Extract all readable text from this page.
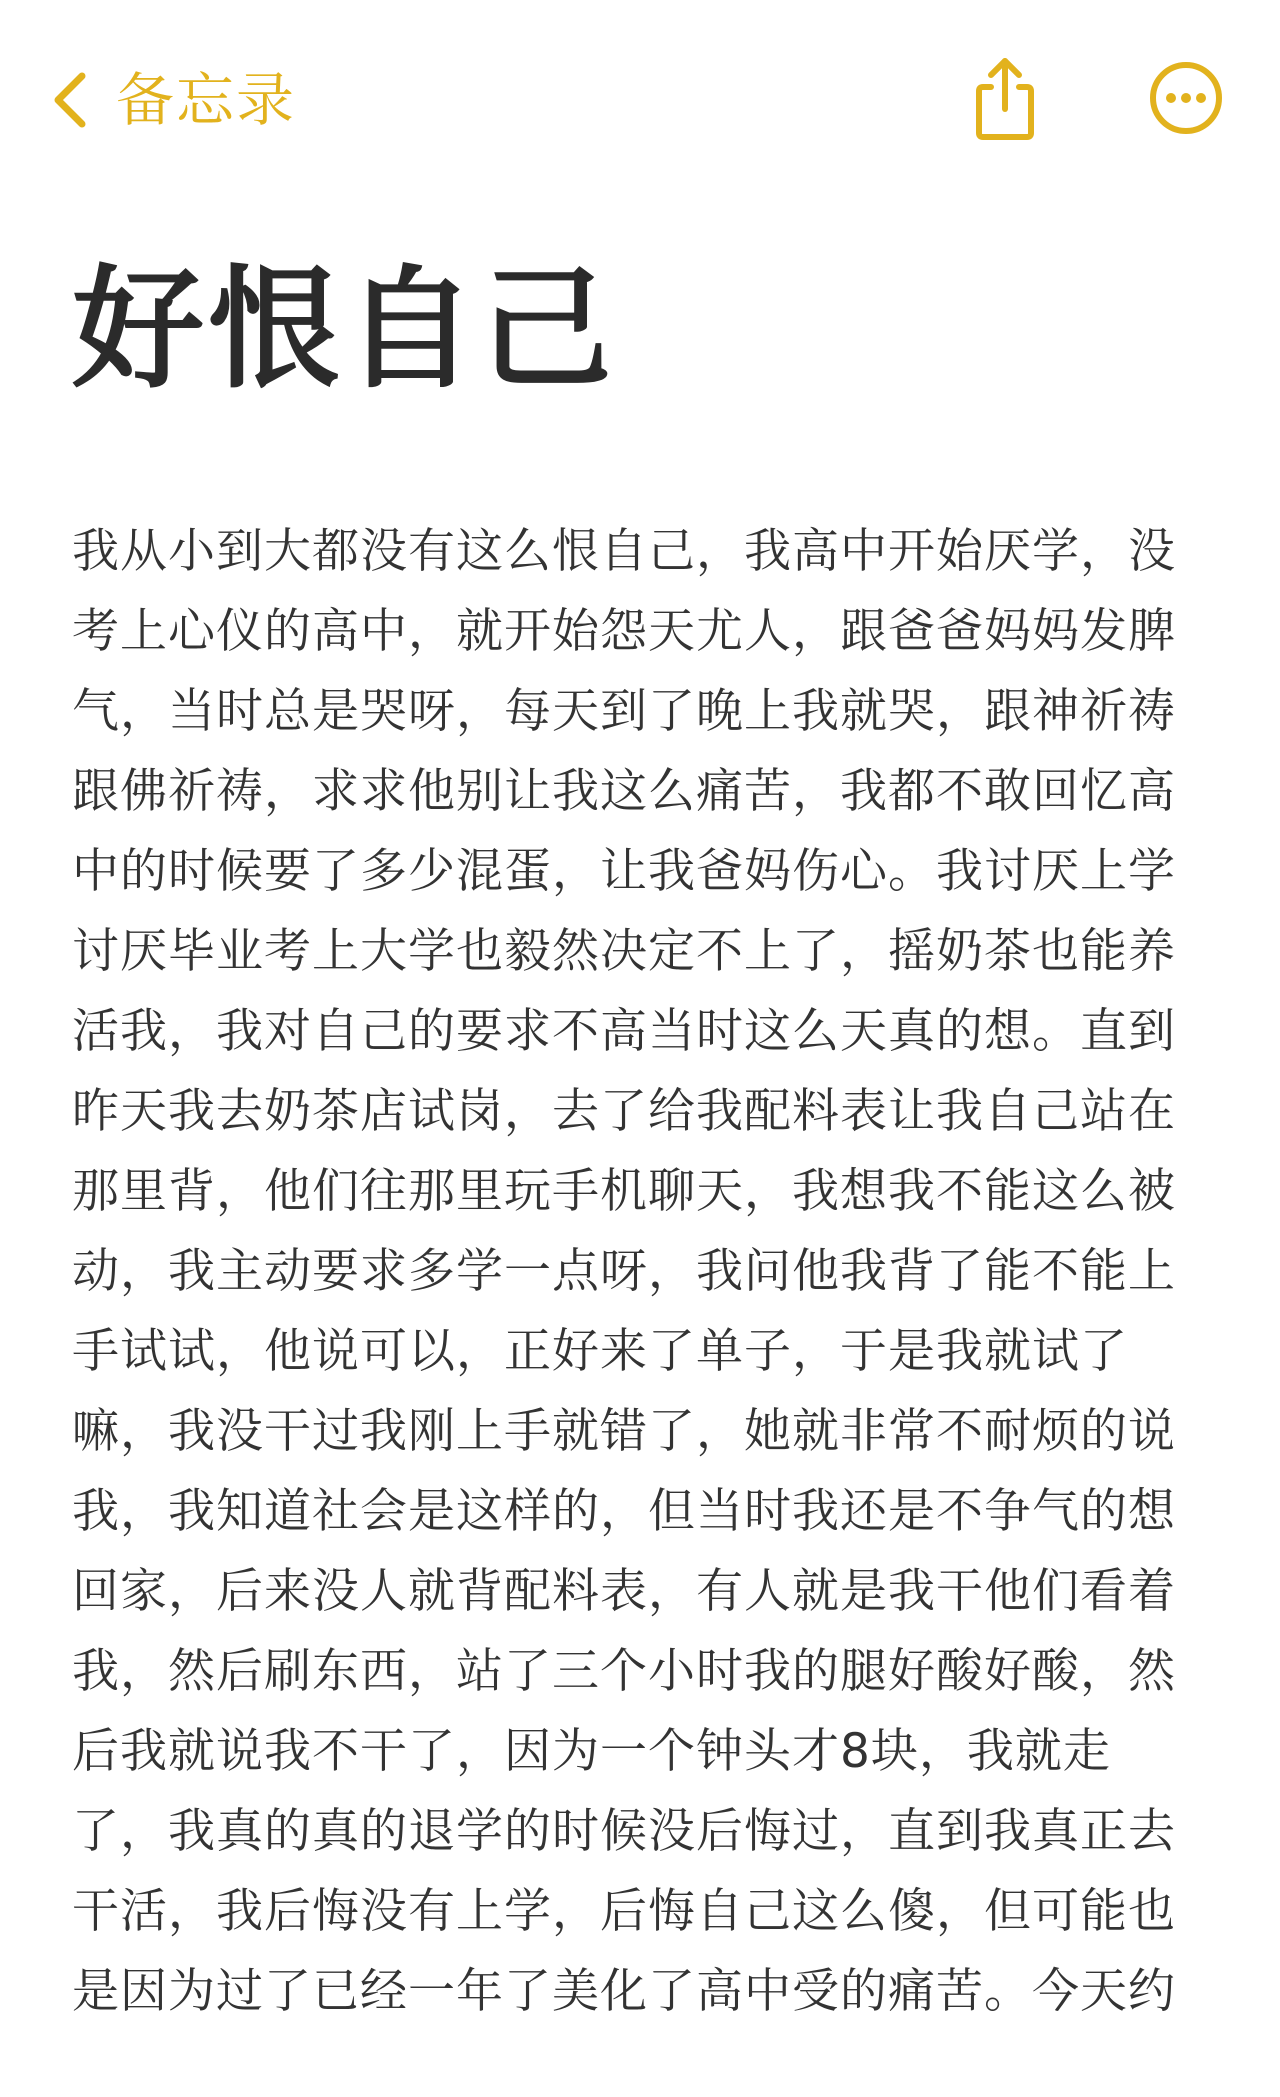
备忘录
好恨自己
我从小到大都没有这么恨自己，我高中开始厌学，没
考上心仪的高中，就开始怨天尤人，跟爸爸妈妈发脾
气，当时总是哭呀，每天到了晚上我就哭，跟神祈祷
跟佛祈祷，求求他别让我这么痛苦，我都不敢回忆高
中的时候要了多少混蛋，让我爸妈伤心。我讨厌上学
讨厌毕业考上大学也毅然决定不上了，摇奶茶也能养
活我，我对自己的要求不高当时这么天真的想。直到
昨天我去奶茶店试岗，去了给我配料表让我自己站在
那里背，他们往那里玩手机聊天，我想我不能这么被
动，我主动要求多学一点呀，我问他我背了能不能上
手试试，他说可以，正好来了单子，于是我就试了
嘛，我没干过我刚上手就错了，她就非常不耐烦的说
我，我知道社会是这样的，但当时我还是不争气的想
回家，后来没人就背配料表，有人就是我干他们看着
我，然后刷东西，站了三个小时我的腿好酸好酸，然
后我就说我不干了，因为一个钟头才8块，我就走
了，我真的真的退学的时候没后悔过，直到我真正去
干活，我后悔没有上学，后悔自己这么傻，但可能也
是因为过了已经一年了美化了高中受的痛苦。今天约
